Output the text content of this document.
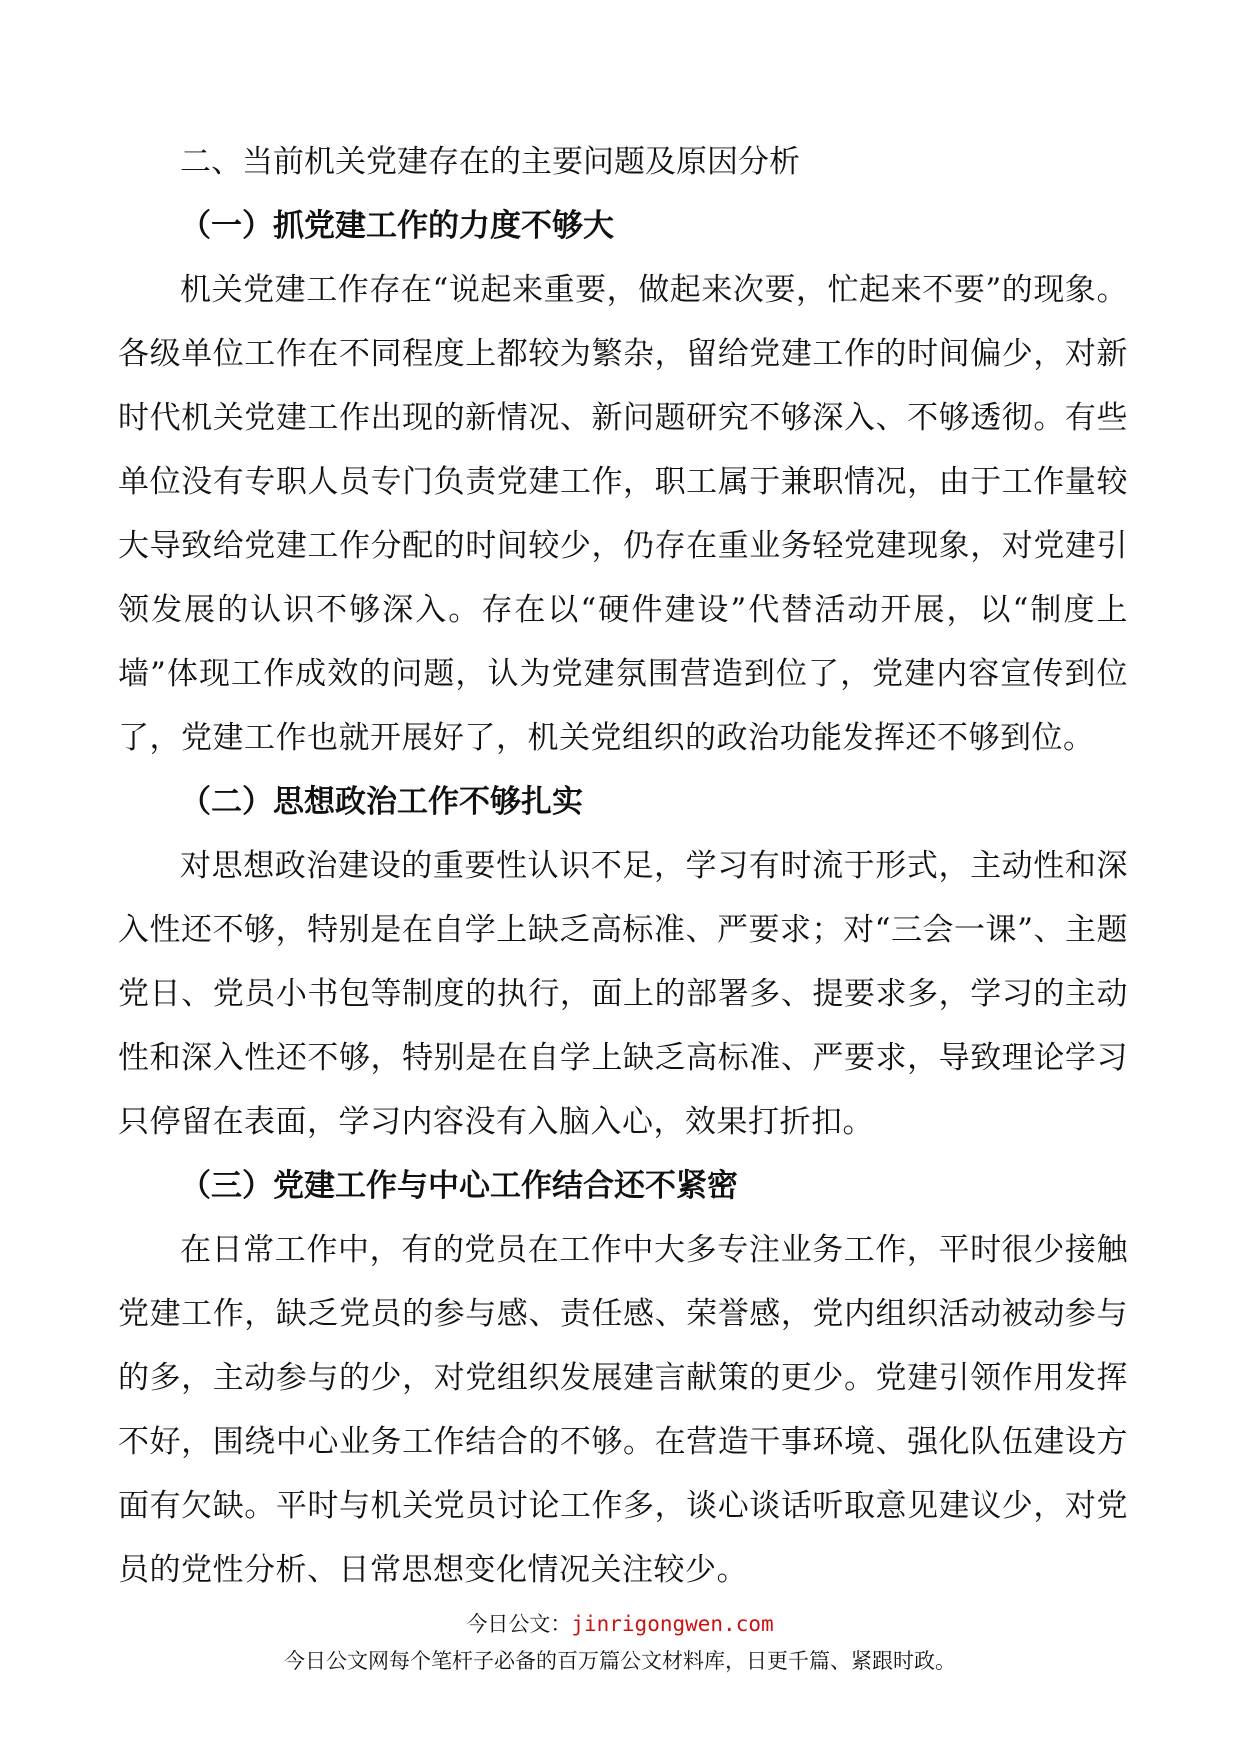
二、当前机关党建存在的主要问题及原因分析

（一）抓党建工作的力度不够大

机关党建工作存在“说起来重要，做起来次要，忙起来不要”的现象。各级单位工作在不同程度上都较为繁杂，留给党建工作的时间偏少，对新时代机关党建工作出现的新情况、新问题研究不够深入、不够透彻。有些单位没有专职人员专门负责党建工作，职工属于兼职情况，由于工作量较大导致给党建工作分配的时间较少，仍存在重业务轻党建现象，对党建引领发展的认识不够深入。存在以“硬件建设”代替活动开展，以“制度上墙”体现工作成效的问题，认为党建氛围营造到位了，党建内容宣传到位了，党建工作也就开展好了，机关党组织的政治功能发挥还不够到位。

（二）思想政治工作不够扎实

对思想政治建设的重要性认识不足，学习有时流于形式，主动性和深入性还不够，特别是在自学上缺乏高标准、严要求；对“三会一课”、主题党日、党员小书包等制度的执行，面上的部署多、提要求多，学习的主动性和深入性还不够，特别是在自学上缺乏高标准、严要求，导致理论学习只停留在表面，学习内容没有入脑入心，效果打折扣。

（三）党建工作与中心工作结合还不紧密

在日常工作中，有的党员在工作中大多专注业务工作，平时很少接触党建工作，缺乏党员的参与感、责任感、荣誉感，党内组织活动被动参与的多，主动参与的少，对党组织发展建言献策的更少。党建引领作用发挥不好，围绕中心业务工作结合的不够。在营造干事环境、强化队伍建设方面有欠缺。平时与机关党员讨论工作多，谈心谈话听取意见建议少，对党员的党性分析、日常思想变化情况关注较少。

今日公文：jinrigongwen.com
今日公文网每个笔杆子必备的百万篇公文材料库，日更千篇、紧跟时政。
